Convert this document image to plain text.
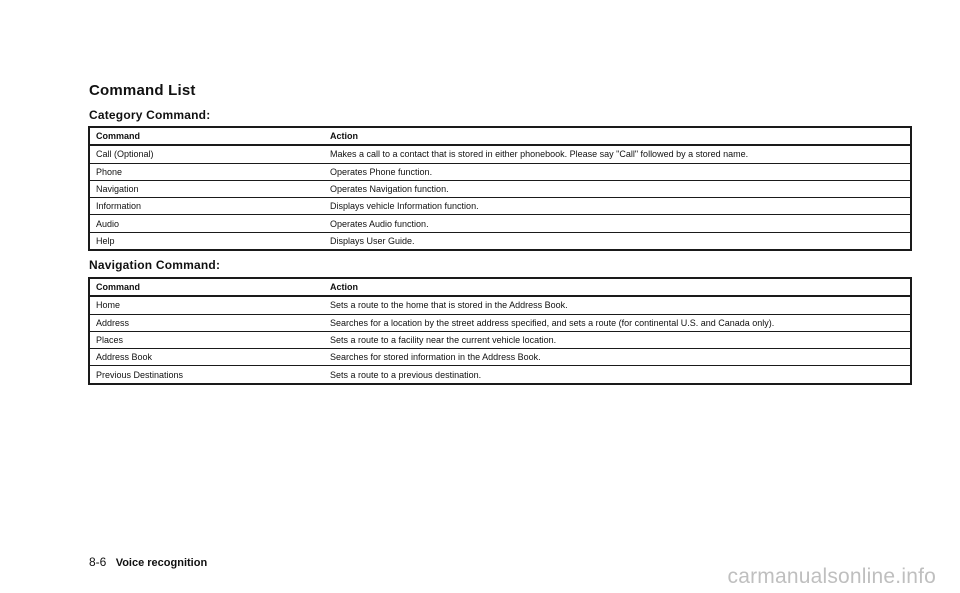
Command List
Category Command:
Command	Action
Call (Optional)	Makes a call to a contact that is stored in either phonebook. Please say "Call" followed by a stored name.
Phone	Operates Phone function.
Navigation	Operates Navigation function.
Information	Displays vehicle Information function.
Audio	Operates Audio function.
Help	Displays User Guide.
Navigation Command:
Command	Action
Home	Sets a route to the home that is stored in the Address Book.
Address	Searches for a location by the street address specified, and sets a route (for continental U.S. and Canada only).
Places	Sets a route to a facility near the current vehicle location.
Address Book	Searches for stored information in the Address Book.
Previous Destinations	Sets a route to a previous destination.
8-6 Voice recognition
carmanualsonline.info
